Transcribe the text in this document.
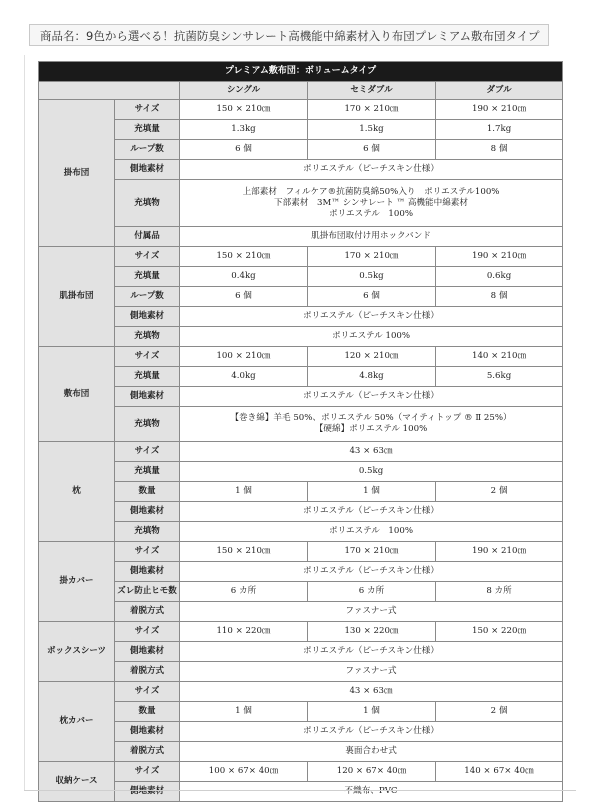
商品名：9色から選べる！抗菌防臭シンサレート高機能中綿素材入り布団プレミアム敷布団タイプ
プレミアム敷布団：ボリュームタイプ				
		シングル	セミダブル	ダブル
掛布団	サイズ	150 × 210㎝	170 × 210㎝	190 × 210㎝
	充填量	1.3kg	1.5kg	1.7kg
	ループ数	6 個	6 個	8 個
	側地素材	ポリエステル（ピーチスキン仕様）		
	充填物	上部素材　フィルケア®抗菌防臭綿50%入り　ポリエステル100%
下部素材　3M™ シンサレート ™ 高機能中綿素材
ポリエステル　100%		

	付属品	肌掛布団取付け用ホックバンド		
肌掛布団	サイズ	150 × 210㎝	170 × 210㎝	190 × 210㎝
	充填量	0.4kg	0.5kg	0.6kg
	ループ数	6 個	6 個	8 個
	側地素材	ポリエステル（ピーチスキン仕様）		
	充填物	ポリエステル 100%		
敷布団	サイズ	100 × 210㎝	120 × 210㎝	140 × 210㎝
	充填量	4.0kg	4.8kg	5.6kg
	側地素材	ポリエステル（ピーチスキン仕様）		
	充填物	【巻き綿】羊毛 50%、ポリエステル 50%（マイティトップ ® Ⅱ 25%）
【硬綿】ポリエステル 100%		

枕	サイズ	43 × 63㎝		
	充填量	0.5kg		
	数量	1 個	1 個	2 個
	側地素材	ポリエステル（ピーチスキン仕様）		
	充填物	ポリエステル　100%		
掛カバー	サイズ	150 × 210㎝	170 × 210㎝	190 × 210㎝
	側地素材	ポリエステル（ピーチスキン仕様）		
	ズレ防止ヒモ数	6 カ所	6 カ所	8 カ所
	着脱方式	ファスナー式		
ボックスシーツ	サイズ	110 × 220㎝	130 × 220㎝	150 × 220㎝
	側地素材	ポリエステル（ピーチスキン仕様）		
	着脱方式	ファスナー式		
枕カバー	サイズ	43 × 63㎝		
	数量	1 個	1 個	2 個
	側地素材	ポリエステル（ピーチスキン仕様）		
	着脱方式	裏面合わせ式		
収納ケース	サイズ	100 × 67× 40㎝	120 × 67× 40㎝	140 × 67× 40㎝
	側地素材	不織布、PVC		
